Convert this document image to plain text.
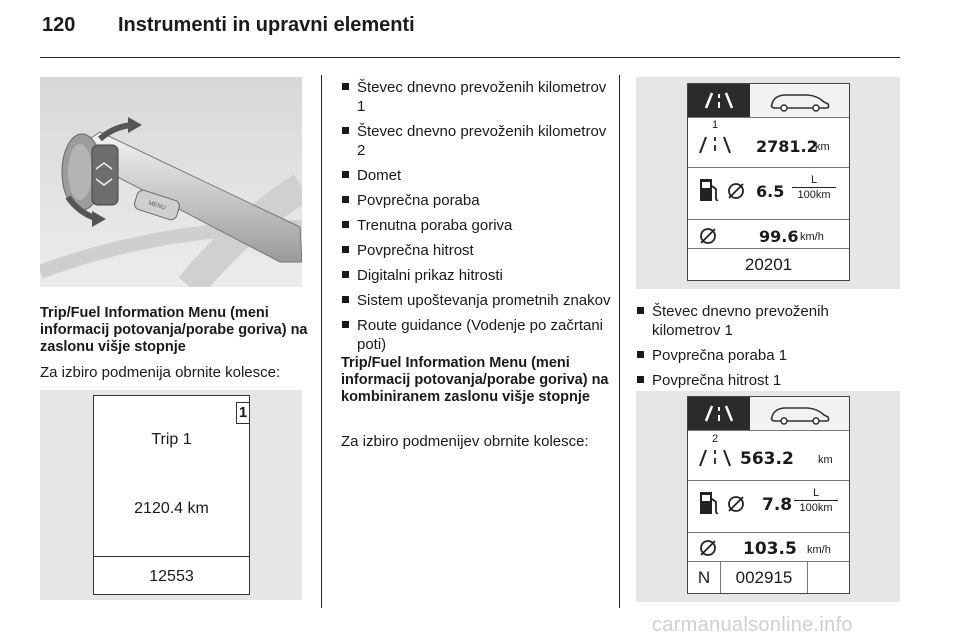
120 Instrumenti in upravni elementi
MENU
Trip/Fuel Information Menu (meni informacij potovanja/porabe goriva) na zaslonu višje stopnje
Za izbiro podmenija obrnite kolesce:
1
Trip 1
2120.4 km
12553
Števec dnevno prevoženih kilometrov 1
Števec dnevno prevoženih kilometrov 2
Domet
Povprečna poraba
Trenutna poraba goriva
Povprečna hitrost
Digitalni prikaz hitrosti
Sistem upoštevanja prometnih znakov
Route guidance (Vodenje po začrtani poti)
Trip/Fuel Information Menu (meni informacij potovanja/porabe goriva) na kombiniranem zaslonu višje stopnje
Za izbiro podmenijev obrnite kolesce:
1
2781.2
km
6.5
L
100km
99.6 km/h
20201
Števec dnevno prevoženih kilometrov 1
Povprečna poraba 1
Povprečna hitrost 1
2
563.2 km
7.8
L
100km
103.5 km/h
N	002915
carmanualsonline.info
